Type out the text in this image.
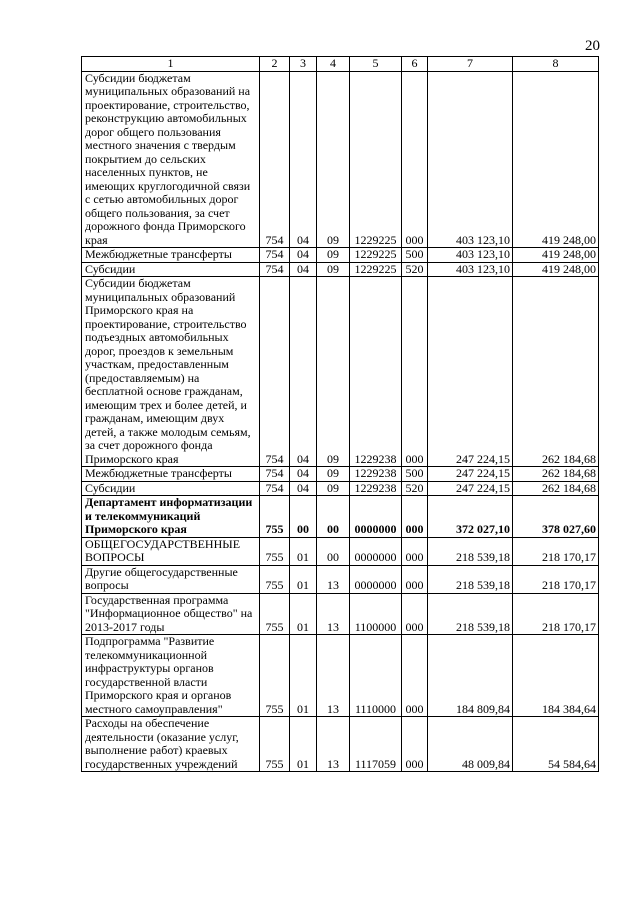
20
1	2	3	4	5	6	7	8
Субсидии бюджетам муниципальных образований на проектирование, строительство, реконструкцию автомобильных дорог общего пользования местного значения с твердым покрытием до сельских населенных пунктов, не имеющих круглогодичной связи с сетью автомобильных дорог общего пользования, за счет дорожного фонда Приморского края	754	04	09	1229225	000	403 123,10	419 248,00
Межбюджетные трансферты	754	04	09	1229225	500	403 123,10	419 248,00
Субсидии	754	04	09	1229225	520	403 123,10	419 248,00
Субсидии бюджетам муниципальных образований Приморского края на проектирование, строительство подъездных автомобильных дорог, проездов к земельным участкам, предоставленным (предоставляемым) на бесплатной основе гражданам, имеющим трех и более детей, и гражданам, имеющим двух детей, а также молодым семьям, за счет дорожного фонда Приморского края	754	04	09	1229238	000	247 224,15	262 184,68
Межбюджетные трансферты	754	04	09	1229238	500	247 224,15	262 184,68
Субсидии	754	04	09	1229238	520	247 224,15	262 184,68
Департамент информатизации и телекоммуникаций Приморского края	755	00	00	0000000	000	372 027,10	378 027,60
ОБЩЕГОСУДАРСТВЕННЫЕ ВОПРОСЫ	755	01	00	0000000	000	218 539,18	218 170,17
Другие общегосударственные вопросы	755	01	13	0000000	000	218 539,18	218 170,17
Государственная программа "Информационное общество" на 2013-2017 годы	755	01	13	1100000	000	218 539,18	218 170,17
Подпрограмма "Развитие телекоммуникационной инфраструктуры органов государственной власти Приморского края и органов местного самоуправления"	755	01	13	1110000	000	184 809,84	184 384,64
Расходы на обеспечение деятельности (оказание услуг, выполнение работ) краевых государственных учреждений	755	01	13	1117059	000	48 009,84	54 584,64
